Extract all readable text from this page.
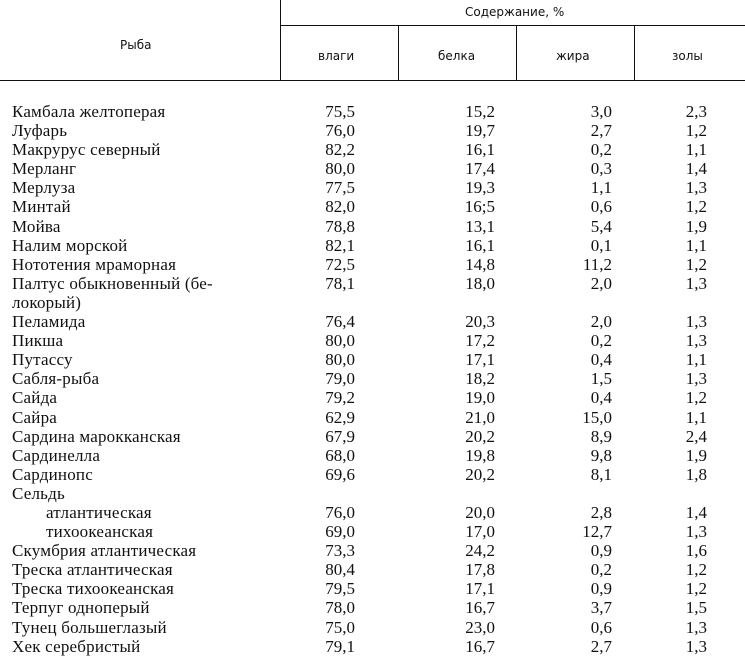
Рыба
Содержание, %
влаги	белка	жира	золы
Камбала желтоперая	75,5	15,2	3,0	2,3
Луфарь	76,0	19,7	2,7	1,2
Макрурус северный	82,2	16,1	0,2	1,1
Мерланг	80,0	17,4	0,3	1,4
Мерлуза	77,5	19,3	1,1	1,3
Минтай	82,0	16;5	0,6	1,2
Мойва	78,8	13,1	5,4	1,9
Налим морской	82,1	16,1	0,1	1,1
Нототения мраморная	72,5	14,8	11,2	1,2
Палтус обыкновенный (бе-	78,1	18,0	2,0	1,3
локорый)
Пеламида	76,4	20,3	2,0	1,3
Пикша	80,0	17,2	0,2	1,3
Путассу	80,0	17,1	0,4	1,1
Сабля-рыба	79,0	18,2	1,5	1,3
Сайда	79,2	19,0	0,4	1,2
Сайра	62,9	21,0	15,0	1,1
Сардина марокканская	67,9	20,2	8,9	2,4
Сардинелла	68,0	19,8	9,8	1,9
Сардинопс	69,6	20,2	8,1	1,8
Сельдь
атлантическая	76,0	20,0	2,8	1,4
тихоокеанская	69,0	17,0	12,7	1,3
Скумбрия атлантическая	73,3	24,2	0,9	1,6
Треска атлантическая	80,4	17,8	0,2	1,2
Треска тихоокеанская	79,5	17,1	0,9	1,2
Терпуг одноперый	78,0	16,7	3,7	1,5
Тунец большеглазый	75,0	23,0	0,6	1,3
Хек серебристый	79,1	16,7	2,7	1,3
